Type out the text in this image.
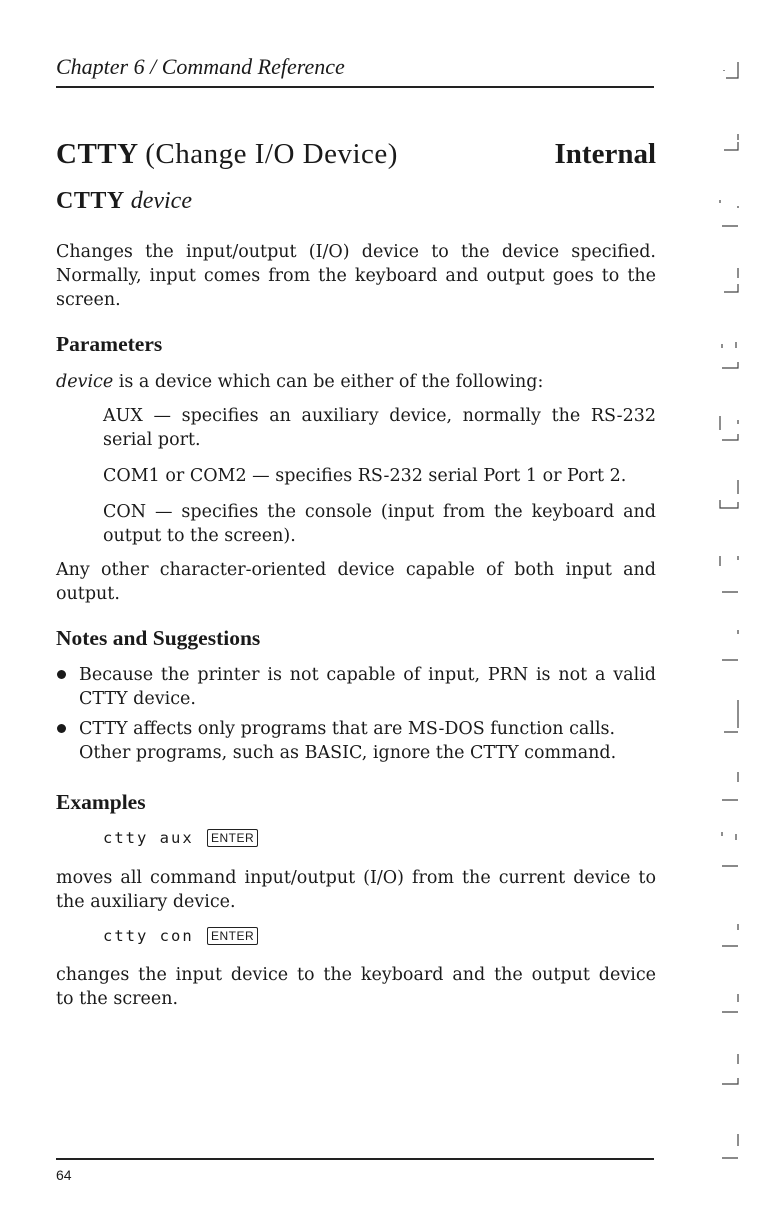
Chapter 6 / Command Reference
CTTY (Change I/O Device)	Internal
CTTY device
Changes the input/output (I/O) device to the device specified.
Normally, input comes from the keyboard and output goes to the
screen.
Parameters
device is a device which can be either of the following:
AUX — specifies an auxiliary device, normally the RS-232
serial port.
COM1 or COM2 — specifies RS-232 serial Port 1 or Port 2.
CON — specifies the console (input from the keyboard and
output to the screen).
Any other character-oriented device capable of both input and
output.
Notes and Suggestions
Because the printer is not capable of input, PRN is not a valid
CTTY device.
CTTY affects only programs that are MS-DOS function calls.
Other programs, such as BASIC, ignore the CTTY command.
Examples
ctty aux ENTER
moves all command input/output (I/O) from the current device to
the auxiliary device.
ctty con ENTER
changes the input device to the keyboard and the output device
to the screen.
64
